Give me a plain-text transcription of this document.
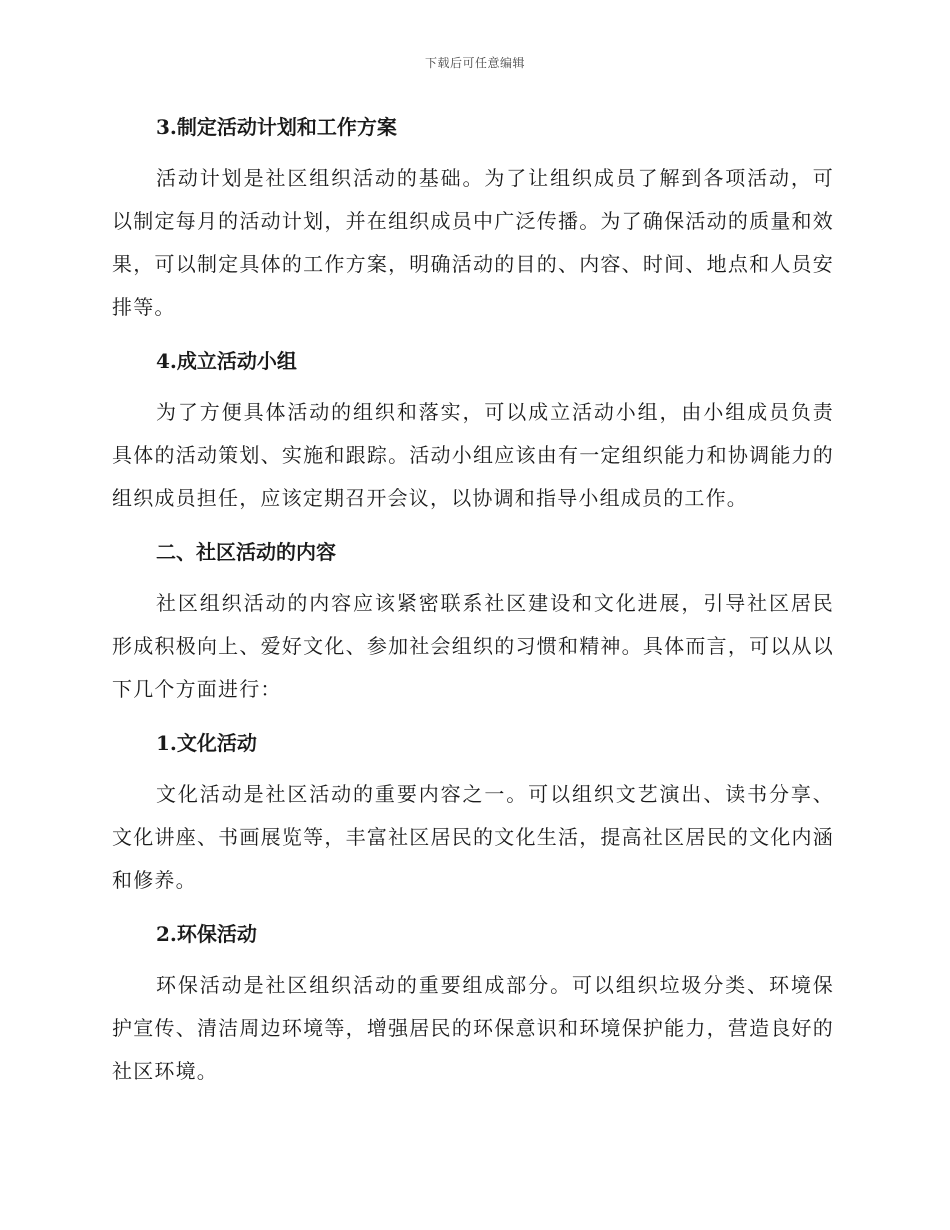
下载后可任意编辑
3.制定活动计划和工作方案

活动计划是社区组织活动的基础。为了让组织成员了解到各项活动，可以制定每月的活动计划，并在组织成员中广泛传播。为了确保活动的质量和效果，可以制定具体的工作方案，明确活动的目的、内容、时间、地点和人员安排等。

4.成立活动小组

为了方便具体活动的组织和落实，可以成立活动小组，由小组成员负责具体的活动策划、实施和跟踪。活动小组应该由有一定组织能力和协调能力的组织成员担任，应该定期召开会议，以协调和指导小组成员的工作。

二、社区活动的内容

社区组织活动的内容应该紧密联系社区建设和文化进展，引导社区居民形成积极向上、爱好文化、参加社会组织的习惯和精神。具体而言，可以从以下几个方面进行：

1.文化活动

文化活动是社区活动的重要内容之一。可以组织文艺演出、读书分享、文化讲座、书画展览等，丰富社区居民的文化生活，提高社区居民的文化内涵和修养。

2.环保活动

环保活动是社区组织活动的重要组成部分。可以组织垃圾分类、环境保护宣传、清洁周边环境等，增强居民的环保意识和环境保护能力，营造良好的社区环境。
